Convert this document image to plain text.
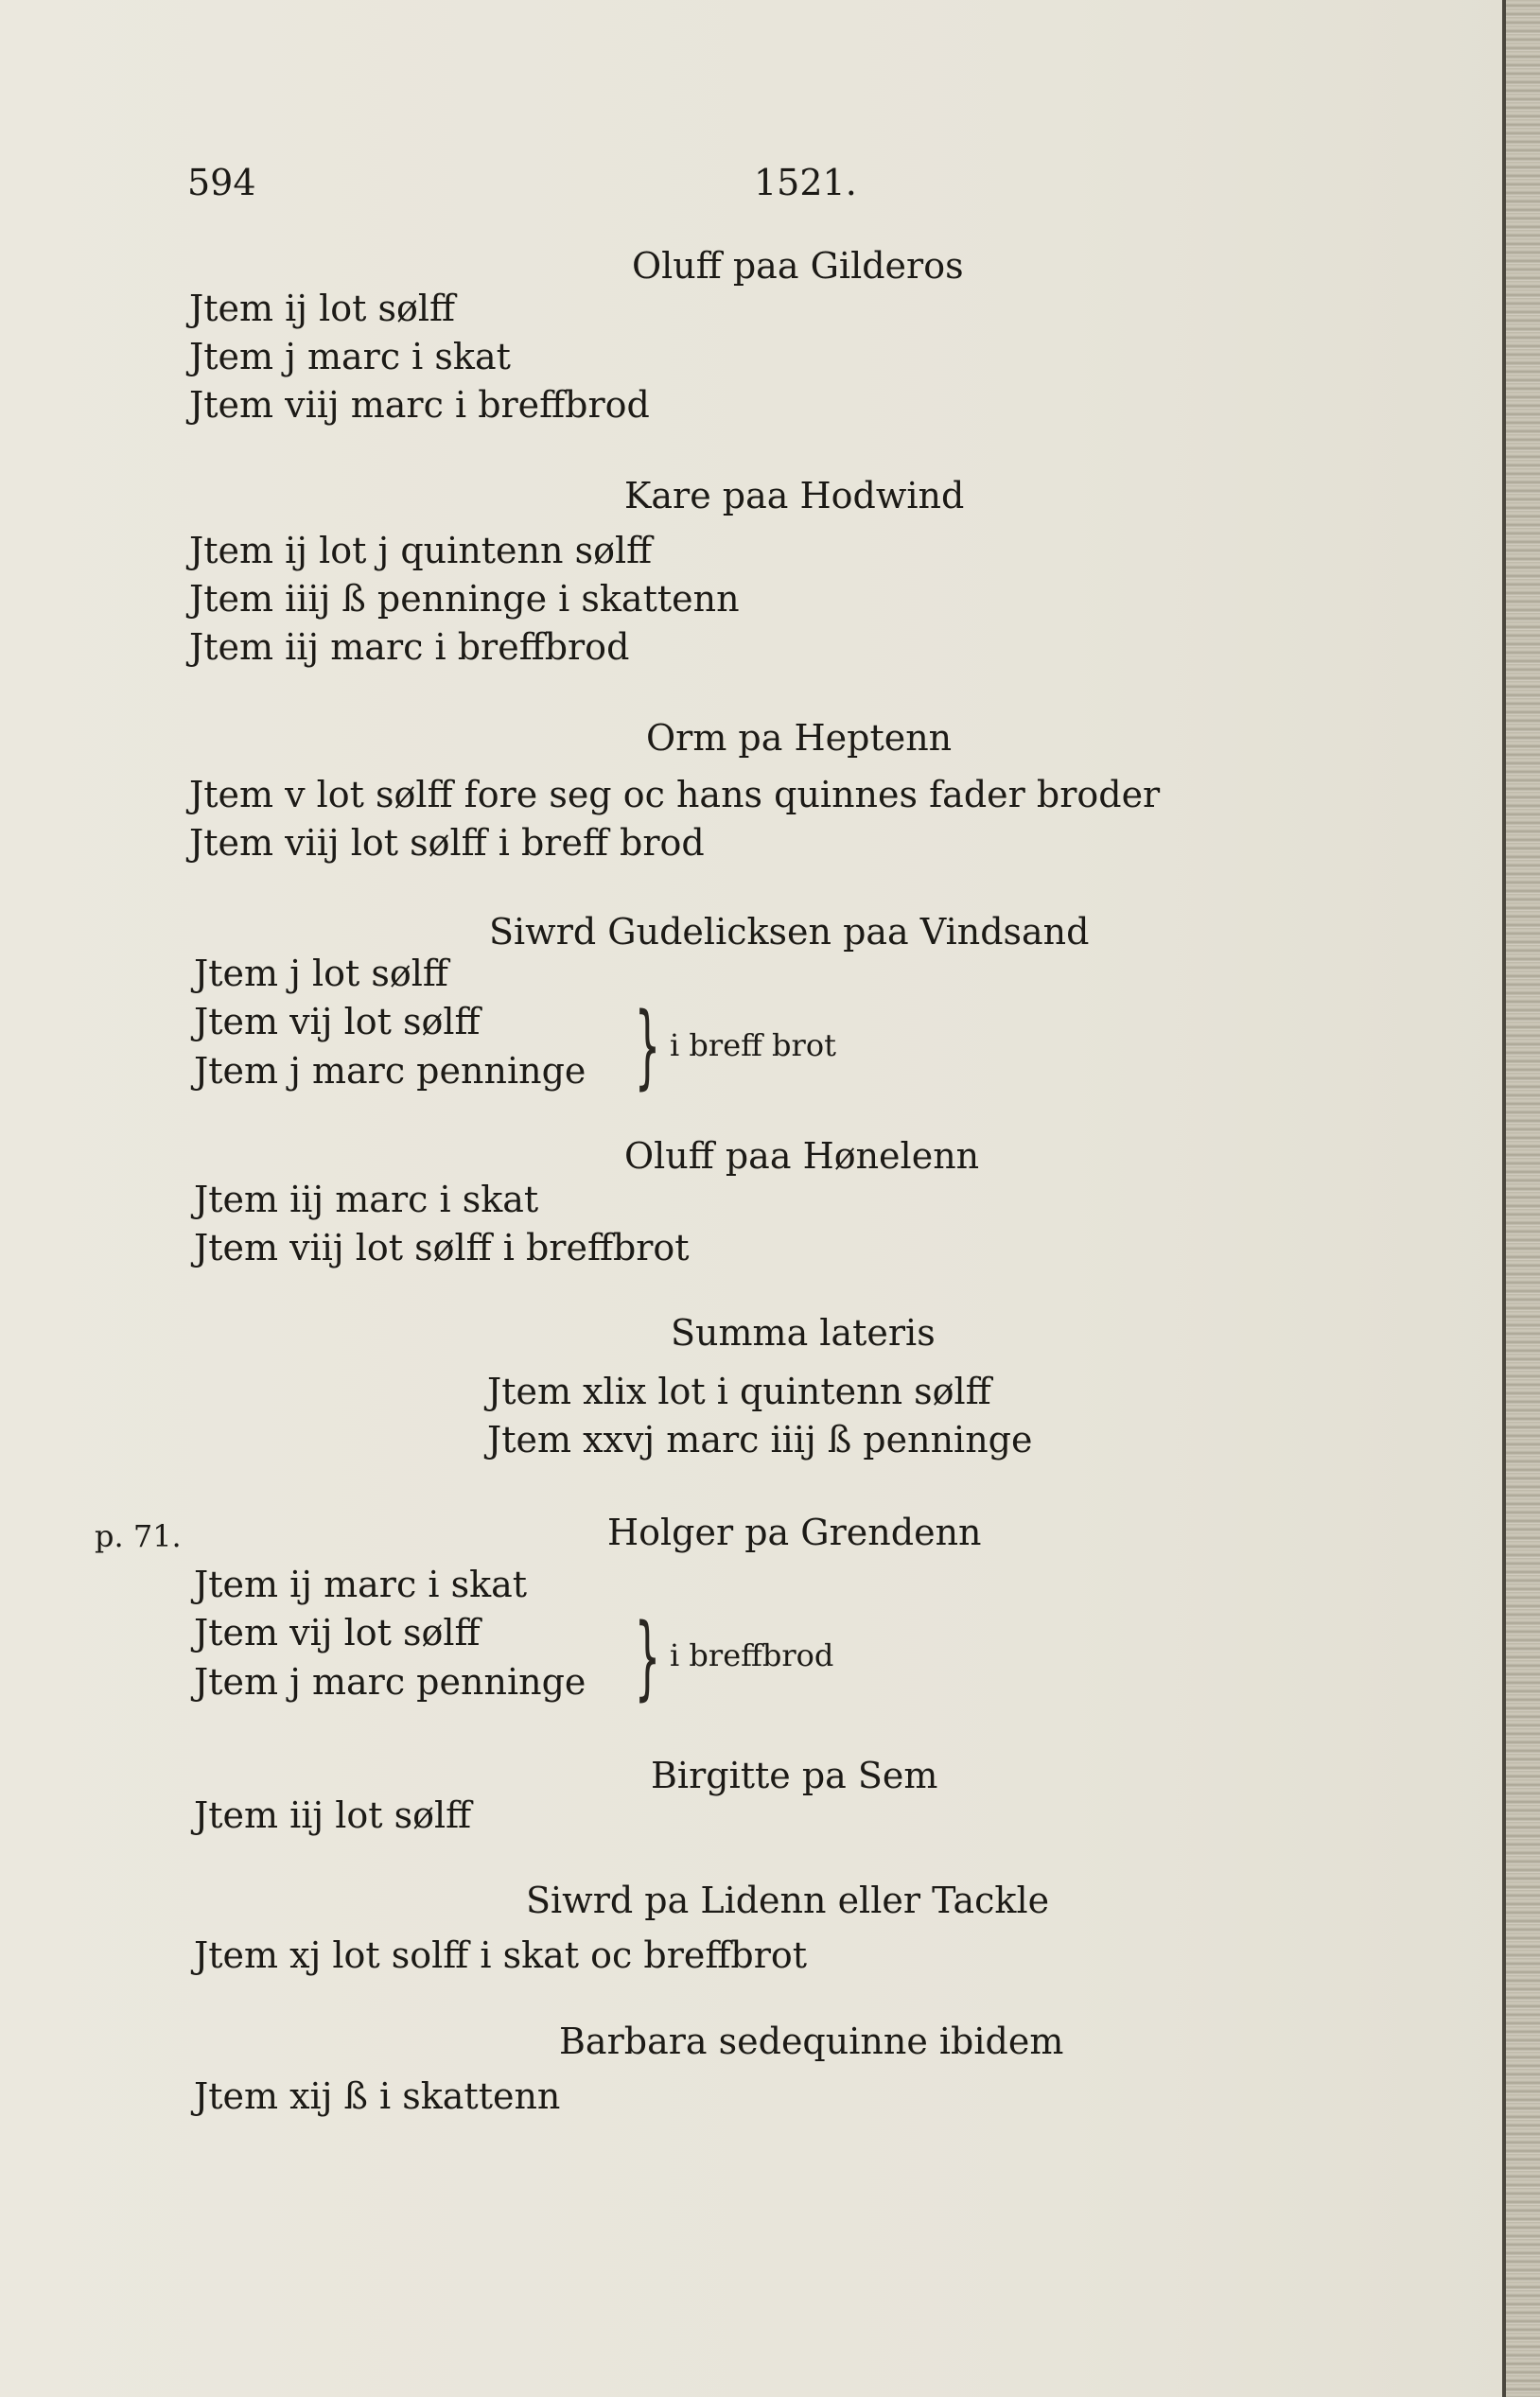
594	1521.
Oluff paa Gilderos
Jtem ij lot sølff
Jtem j marc i skat
Jtem viij marc i breffbrod
Kare paa Hodwind
Jtem ij lot j quintenn sølff
Jtem iiij ß penninge i skattenn
Jtem iij marc i breffbrod
Orm pa Heptenn
Jtem v lot sølff fore seg oc hans quinnes fader broder
Jtem viij lot sølff i breff brod
Siwrd Gudelicksen paa Vindsand
Jtem j lot sølff
Jtem vij lot sølff
Jtem j marc penninge } i breff brot
Oluff paa Hønelenn
Jtem iij marc i skat
Jtem viij lot sølff i breffbrot
Summa lateris
Jtem xlix lot i quintenn sølff
Jtem xxvj marc iiij ß penninge
p. 71.	Holger pa Grendenn
Jtem ij marc i skat
Jtem vij lot sølff
Jtem j marc penninge } i breffbrod
Birgitte pa Sem
Jtem iij lot sølff
Siwrd pa Lidenn eller Tackle
Jtem xj lot solff i skat oc breffbrot
Barbara sedequinne ibidem
Jtem xij ß i skattenn
